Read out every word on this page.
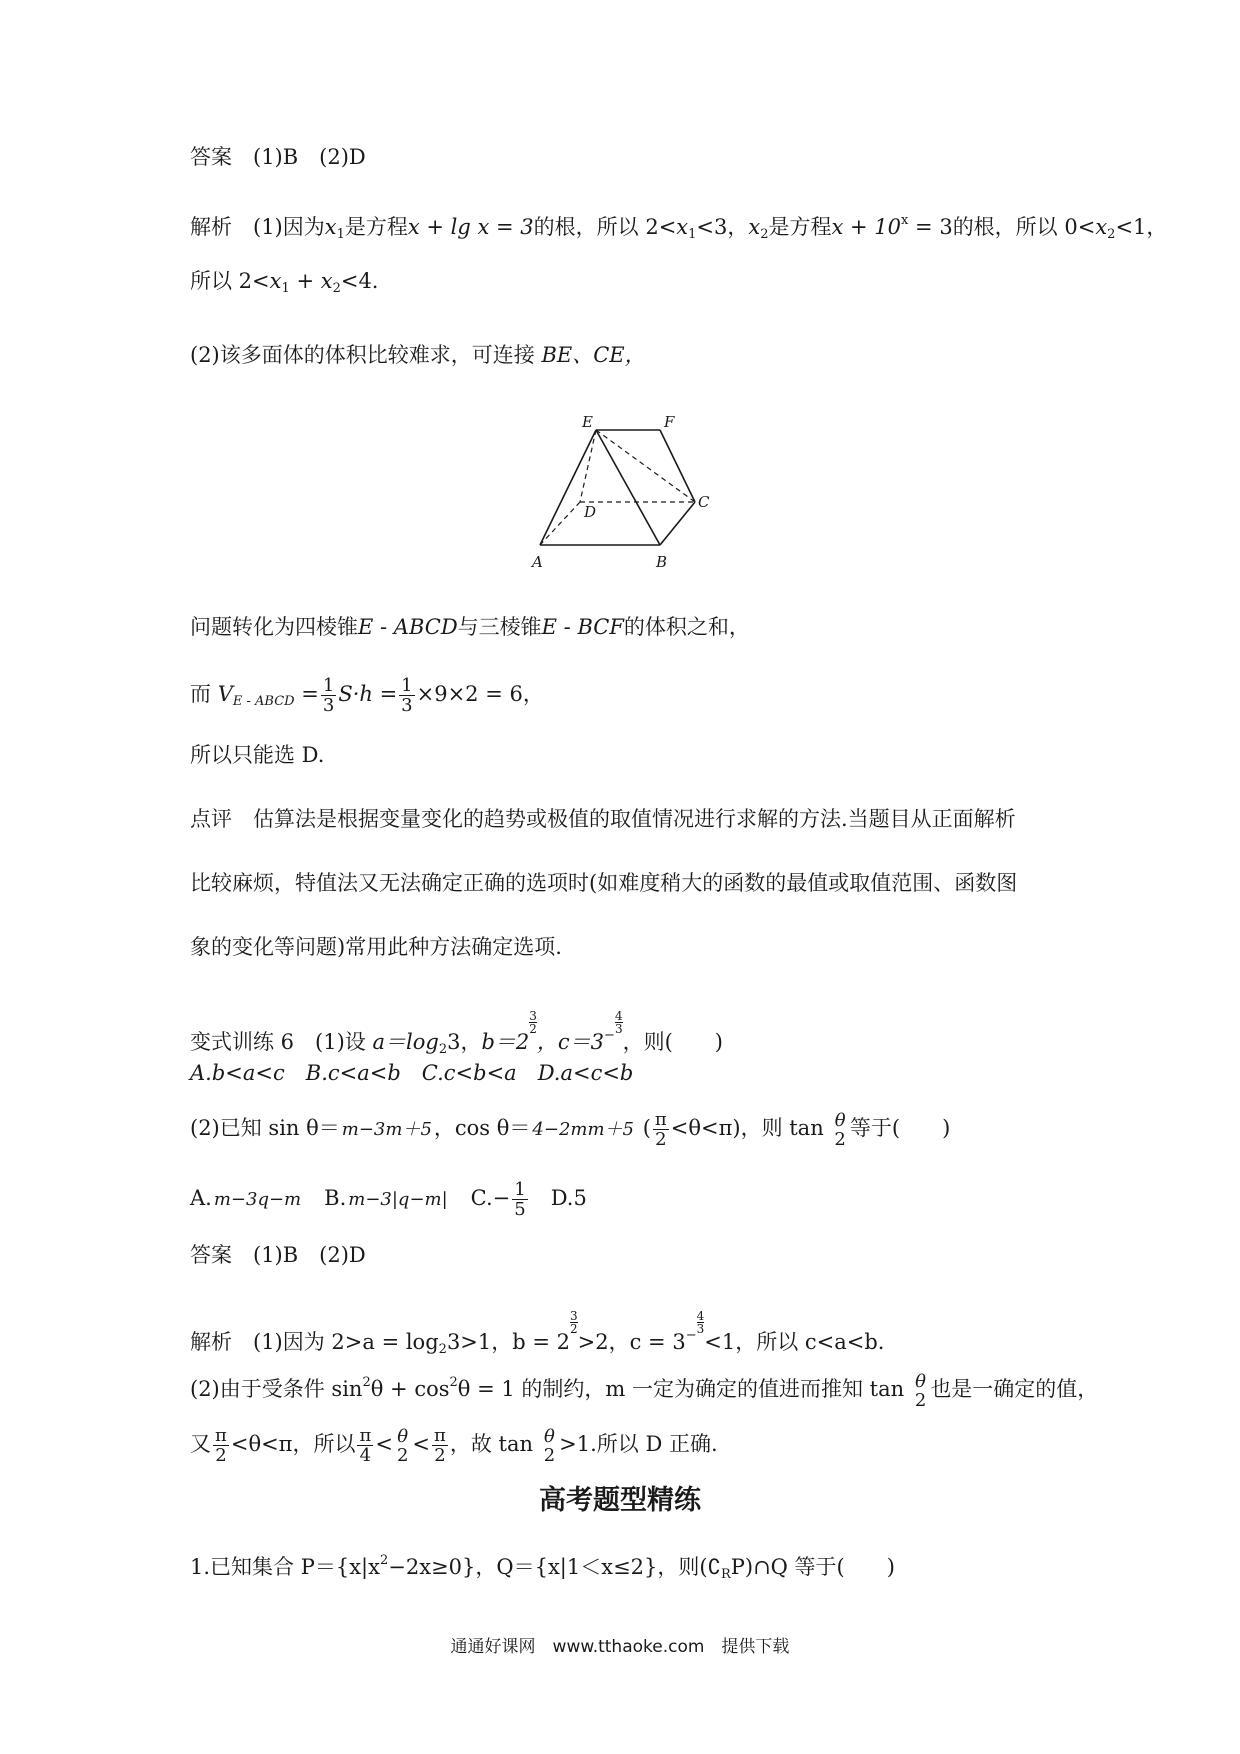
答案　(1)B　(2)D
解析　 (1)因为$x_1$是方程x + lg x = 3的根，所以 $2<x_1<3$，$x_2$是方程$x + 10^x = 3$的根，所以 $0<x_2<1$，
所以 $2<x_1 + x_2<4$.
(2)该多面体的体积比较难求，可连接 BE、CE，
E	F
D
C
A	B
问题转化为四棱锥E - ABCD与三棱锥E - BCF的体积之和，
而 $V_{E - ABCD} = \frac{1}{3} S\cdot h = \frac{1}{3} \times 9\times 2 = 6$，
所以只能选 D.
点评　 估算法是根据变量变化的趋势或极值的取值情况进行求解的方法.当题目从正面解析
比较麻烦，特值法又无法确定正确的选项时(如难度稍大的函数的最值或取值范围、函数图
象的变化等问题)常用此种方法确定选项.
变式训练 6　 (1)设 $a=\log_23$，b＝2
$\frac{3}{2}$
，c＝3−
$\frac{4}{3}$
，则(　　)
A.b<a<c　B.c<a<b　C.c<b<a　D.a<c<b
(2)已知 sin θ＝ m−3m＋5，cos θ＝ 4−2mm＋5 ( $\frac{\pi}{2} <\theta<\pi$)，则 tan θ
2 等于(　　)
A. m−3q−m　 B. m−3|q−m|　 $C.- \frac{1}{5}$
　 D.5
答案　(1)B　(2)D
解析　 (1)因为 $2>a = \log_23>1$，b = 2
$\frac{3}{2}$
>2，c = 3−
$\frac{4}{3}$
<1，所以 c<a<b.
(2)由于受条件 $\sin^2\theta + \cos^2\theta = 1$ 的制约，m 一定为确定的值进而推知 tan θ
2 也是一确定的值，
又 $\frac{\pi}{2} <\theta<\pi$，所以 $\frac{\pi}{4} < \theta$
$2 < \frac{\pi}{2}$ ，故 tan θ
2 >1.所以 D 正确.
高考题型精练
1.已知集合 $P=\{x|x^2-2x\ge 0\}$，Q＝{x|1＜x≤2}，则$(∁_RP)\cap Q$ 等于(　　)
通通好课网　www.tthaoke.com　提供下载
